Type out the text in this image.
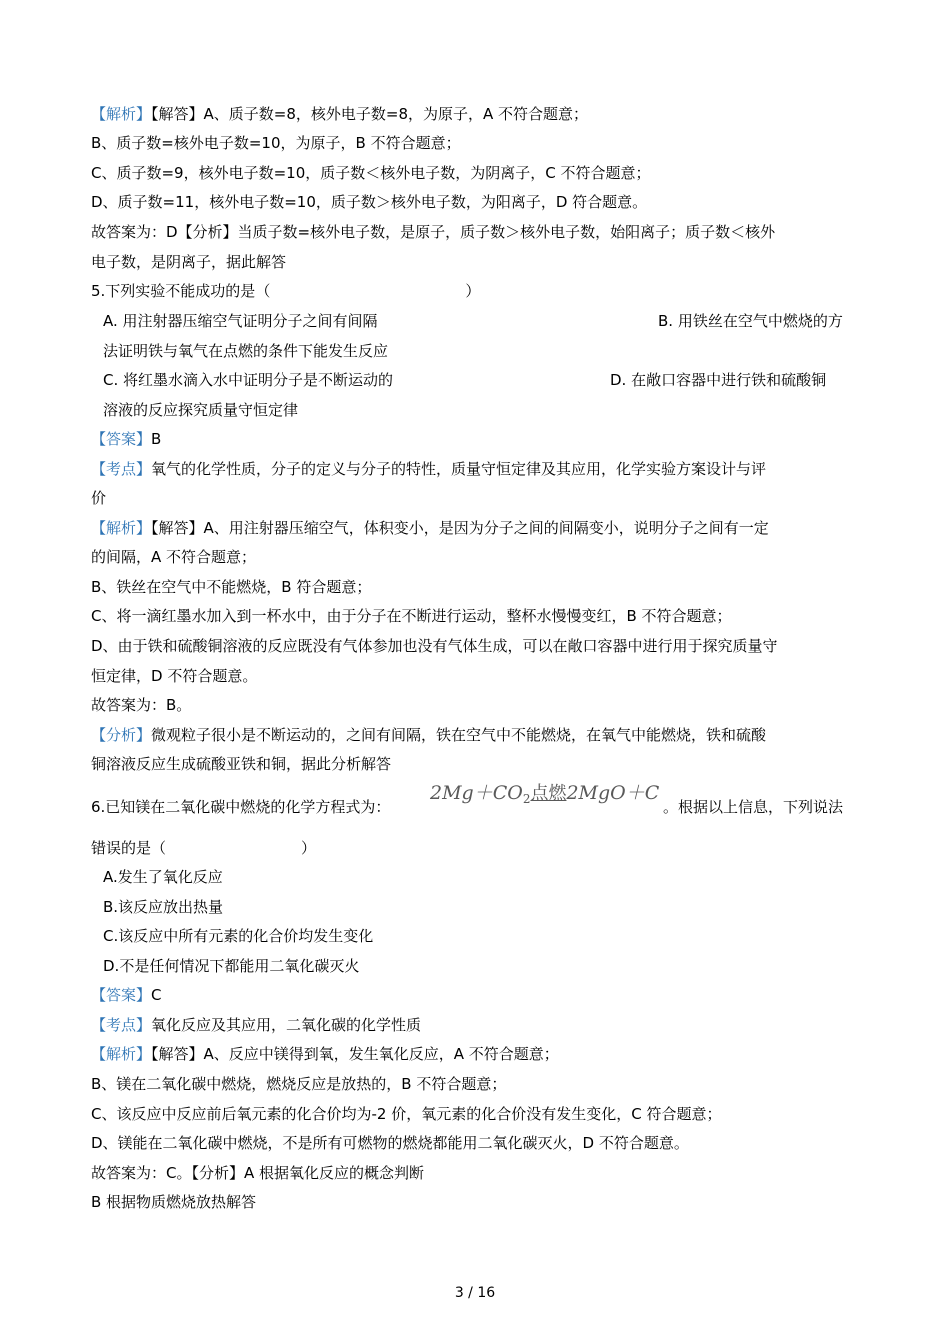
【解析】【解答】A、质子数=8，核外电子数=8，为原子，A 不符合题意；
B、质子数=核外电子数=10，为原子，B 不符合题意；
C、质子数=9，核外电子数=10，质子数＜核外电子数，为阴离子，C 不符合题意；
D、质子数=11，核外电子数=10，质子数＞核外电子数，为阳离子，D 符合题意。
故答案为：D【分析】当质子数=核外电子数，是原子，质子数＞核外电子数，始阳离子；质子数＜核外
电子数，是阴离子，据此解答
5.下列实验不能成功的是（　　　　　　　　　　　　　）
A. 用注射器压缩空气证明分子之间有间隔	B. 用铁丝在空气中燃烧的方
法证明铁与氧气在点燃的条件下能发生反应
C. 将红墨水滴入水中证明分子是不断运动的	D. 在敞口容器中进行铁和硫酸铜
溶液的反应探究质量守恒定律
【答案】B
【考点】氧气的化学性质，分子的定义与分子的特性，质量守恒定律及其应用，化学实验方案设计与评
价
【解析】【解答】A、用注射器压缩空气，体积变小，是因为分子之间的间隔变小，说明分子之间有一定
的间隔，A 不符合题意；
B、铁丝在空气中不能燃烧，B 符合题意；
C、将一滴红墨水加入到一杯水中，由于分子在不断进行运动，整杯水慢慢变红，B 不符合题意；
D、由于铁和硫酸铜溶液的反应既没有气体参加也没有气体生成，可以在敞口容器中进行用于探究质量守
恒定律，D 不符合题意。
故答案为：B。
【分析】微观粒子很小是不断运动的，之间有间隔，铁在空气中不能燃烧，在氧气中能燃烧，铁和硫酸
铜溶液反应生成硫酸亚铁和铜，据此分析解答
6.已知镁在二氧化碳中燃烧的化学方程式为：
$2Mg+CO_2$点燃2MgO＋C
。根据以上信息，下列说法
错误的是（　　　　　　　　　）
A.发生了氧化反应
B.该反应放出热量
C.该反应中所有元素的化合价均发生变化
D.不是任何情况下都能用二氧化碳灭火
【答案】C
【考点】氧化反应及其应用，二氧化碳的化学性质
【解析】【解答】A、反应中镁得到氧，发生氧化反应，A 不符合题意；
B、镁在二氧化碳中燃烧，燃烧反应是放热的，B 不符合题意；
C、该反应中反应前后氧元素的化合价均为-2 价，氧元素的化合价没有发生变化，C 符合题意；
D、镁能在二氧化碳中燃烧，不是所有可燃物的燃烧都能用二氧化碳灭火，D 不符合题意。
故答案为：C。【分析】A 根据氧化反应的概念判断
B 根据物质燃烧放热解答
3 / 16
